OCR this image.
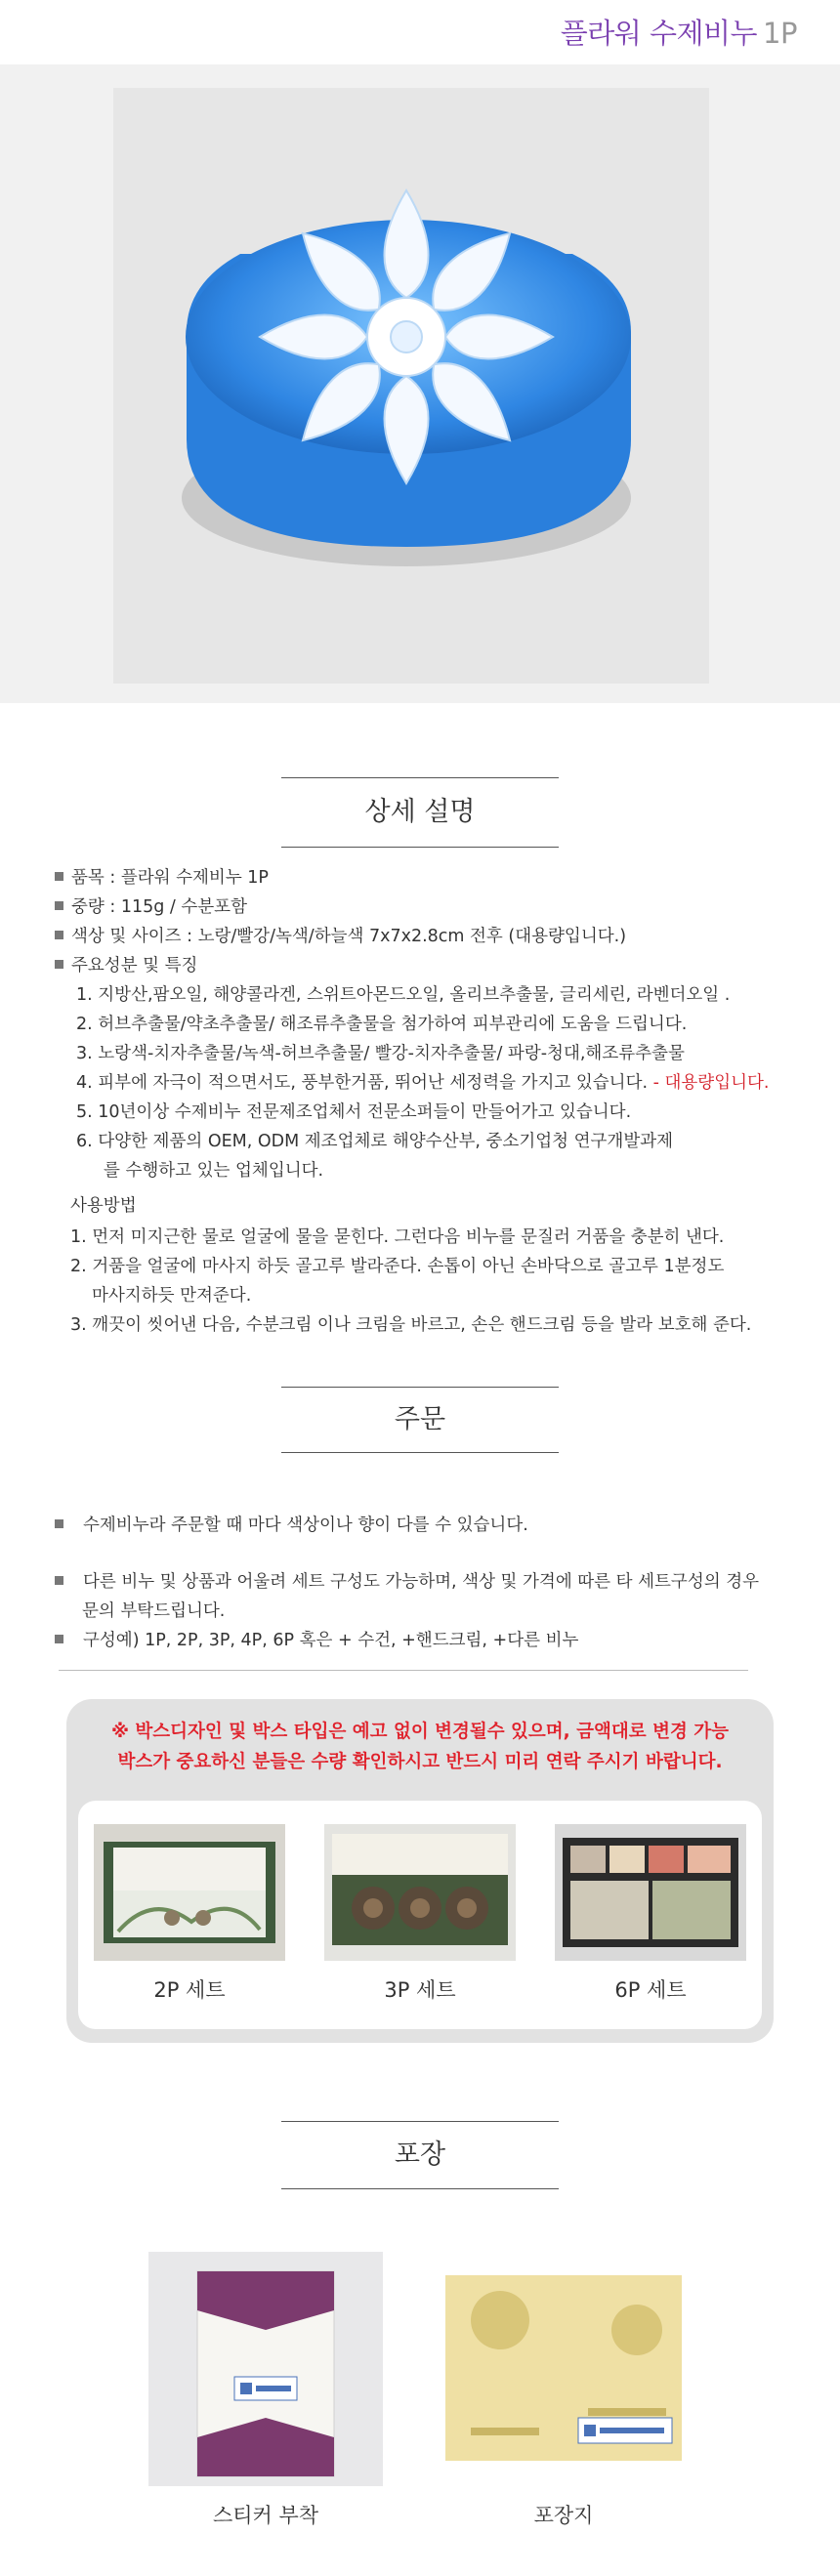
플라워 수제비누 1P
상세 설명
품목 : 플라워 수제비누 1P
중량 : 115g / 수분포함
색상 및 사이즈 : 노랑/빨강/녹색/하늘색 7x7x2.8cm 전후 (대용량입니다.)
주요성분 및 특징
1. 지방산,팜오일, 해양콜라겐, 스위트아몬드오일, 올리브추출물, 글리세린, 라벤더오일 .
2. 허브추출물/약초추출물/ 해조류추출물을 첨가하여 피부관리에 도움을 드립니다.
3. 노랑색-치자추출물/녹색-허브추출물/ 빨강-치자추출물/ 파랑-청대,해조류추출물
4. 피부에 자극이 적으면서도, 풍부한거품, 뛰어난 세정력을 가지고 있습니다. - 대용량입니다.
5. 10년이상 수제비누 전문제조업체서 전문소퍼들이 만들어가고 있습니다.
6. 다양한 제품의 OEM, ODM 제조업체로 해양수산부, 중소기업청 연구개발과제
를 수행하고 있는 업체입니다.
사용방법
1. 먼저 미지근한 물로 얼굴에 물을 묻힌다. 그런다음 비누를 문질러 거품을 충분히 낸다.
2. 거품을 얼굴에 마사지 하듯 골고루 발라준다. 손톱이 아닌 손바닥으로 골고루 1분정도
마사지하듯 만져준다.
3. 깨끗이 씻어낸 다음, 수분크림 이나 크림을 바르고, 손은 핸드크림 등을 발라 보호해 준다.
주문
수제비누라 주문할 때 마다 색상이나 향이 다를 수 있습니다.
다른 비누 및 상품과 어울려 세트 구성도 가능하며, 색상 및 가격에 따른 타 세트구성의 경우
문의 부탁드립니다.
구성예) 1P, 2P, 3P, 4P, 6P 혹은 + 수건, +핸드크림, +다른 비누
※ 박스디자인 및 박스 타입은 예고 없이 변경될수 있으며, 금액대로 변경 가능
박스가 중요하신 분들은 수량 확인하시고 반드시 미리 연락 주시기 바랍니다.
2P 세트	3P 세트	6P 세트
포장
스티커 부착	포장지
